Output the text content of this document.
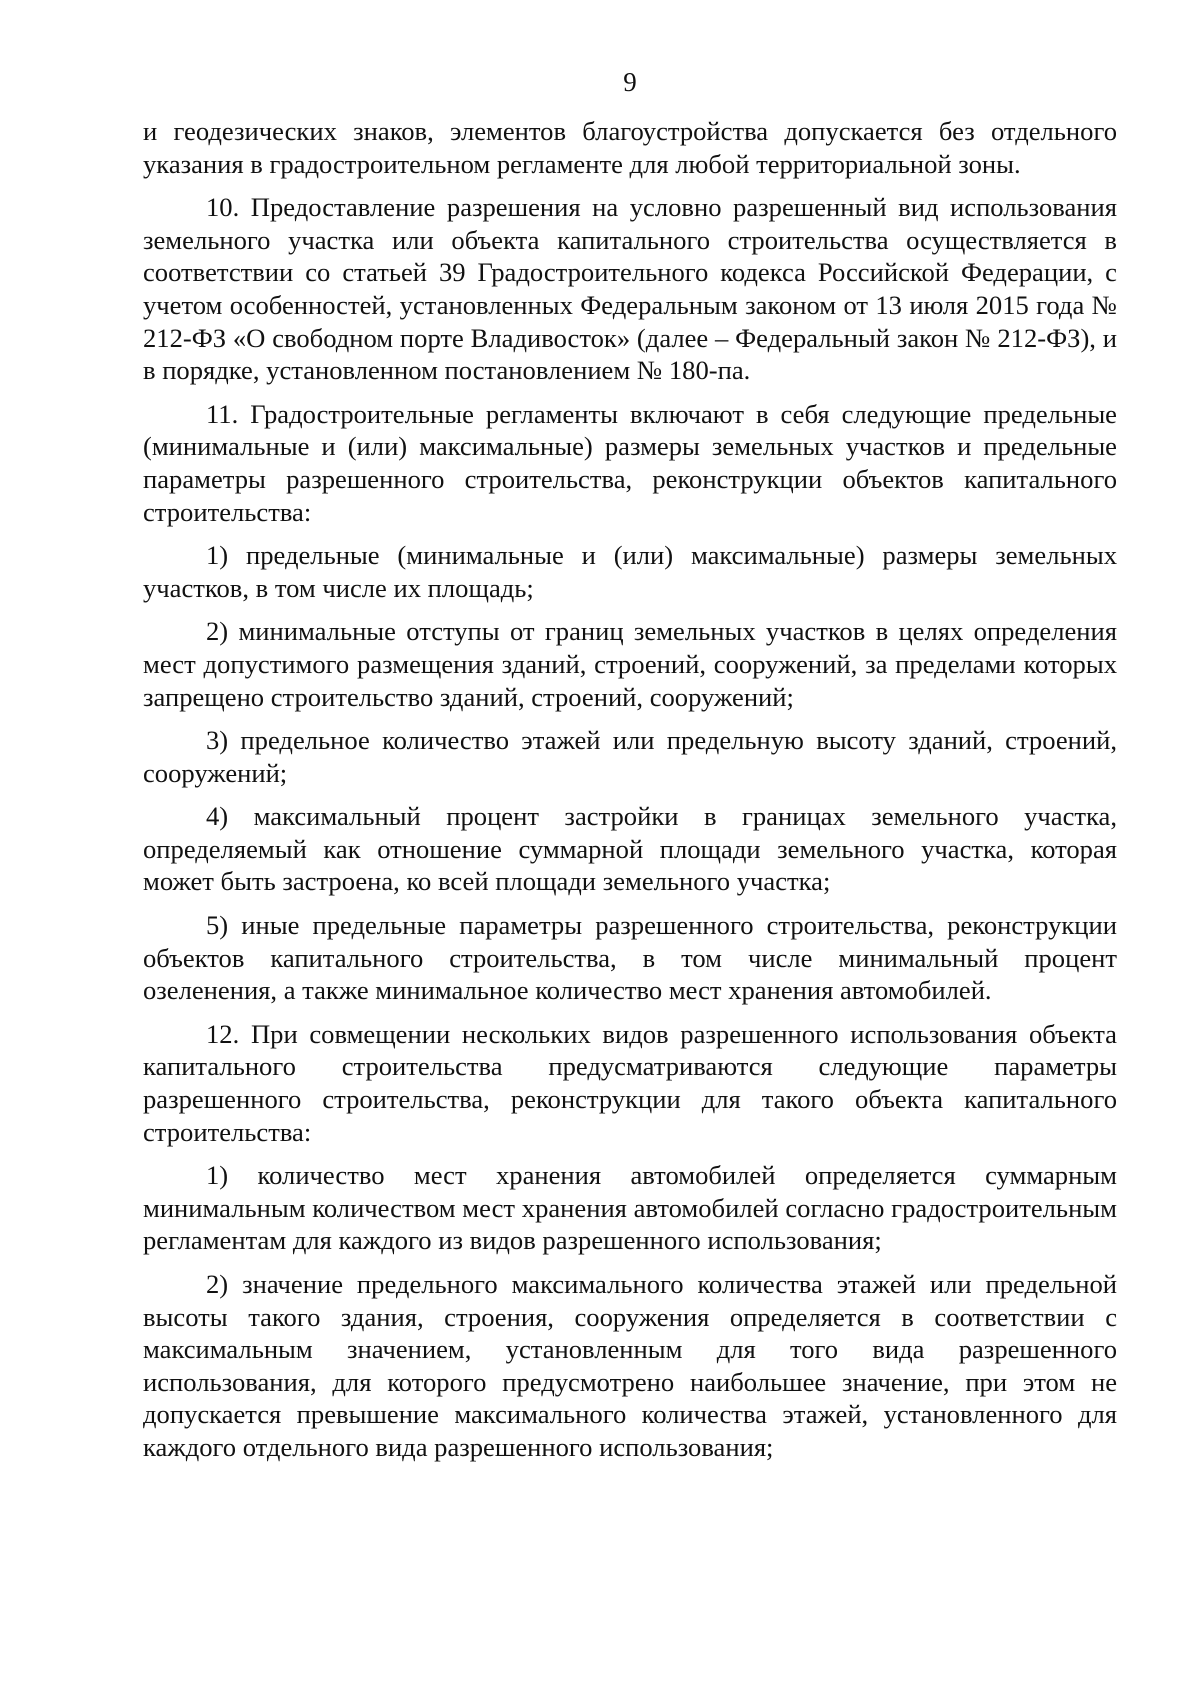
9

и геодезических знаков, элементов благоустройства допускается без отдельного указания в градостроительном регламенте для любой территориальной зоны.

10. Предоставление разрешения на условно разрешенный вид использования земельного участка или объекта капитального строительства осуществляется в соответствии со статьей 39 Градостроительного кодекса Российской Федерации, с учетом особенностей, установленных Федеральным законом от 13 июля 2015 года № 212-ФЗ «О свободном порте Владивосток» (далее – Федеральный закон № 212-ФЗ), и в порядке, установленном постановлением № 180-па.

11. Градостроительные регламенты включают в себя следующие предельные (минимальные и (или) максимальные) размеры земельных участков и предельные параметры разрешенного строительства, реконструкции объектов капитального строительства:

1) предельные (минимальные и (или) максимальные) размеры земельных участков, в том числе их площадь;

2) минимальные отступы от границ земельных участков в целях определения мест допустимого размещения зданий, строений, сооружений, за пределами которых запрещено строительство зданий, строений, сооружений;

3) предельное количество этажей или предельную высоту зданий, строений, сооружений;

4) максимальный процент застройки в границах земельного участка, определяемый как отношение суммарной площади земельного участка, которая может быть застроена, ко всей площади земельного участка;

5) иные предельные параметры разрешенного строительства, реконструкции объектов капитального строительства, в том числе минимальный процент озеленения, а также минимальное количество мест хранения автомобилей.

12. При совмещении нескольких видов разрешенного использования объекта капитального строительства предусматриваются следующие параметры разрешенного строительства, реконструкции для такого объекта капитального строительства:

1) количество мест хранения автомобилей определяется суммарным минимальным количеством мест хранения автомобилей согласно градостроительным регламентам для каждого из видов разрешенного использования;

2) значение предельного максимального количества этажей или предельной высоты такого здания, строения, сооружения определяется в соответствии с максимальным значением, установленным для того вида разрешенного использования, для которого предусмотрено наибольшее значение, при этом не допускается превышение максимального количества этажей, установленного для каждого отдельного вида разрешенного использования;
